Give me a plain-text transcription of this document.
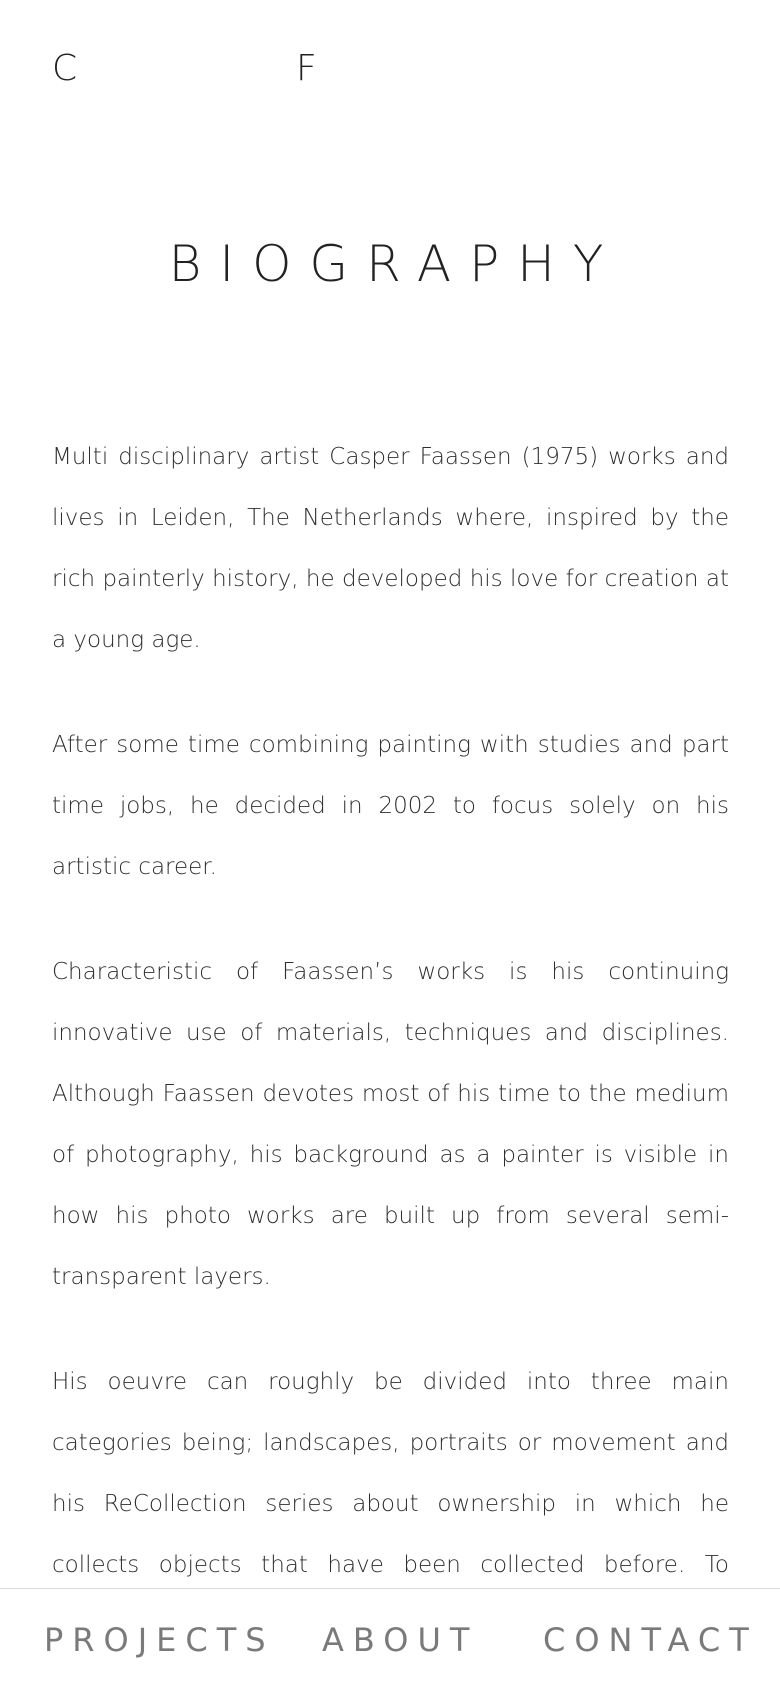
C	F
BIOGRAPHY

Multi disciplinary artist Casper Faassen (1975) works and lives in Leiden, The Netherlands where, inspired by the rich painterly history, he developed his love for creation at a young age.

After some time combining painting with studies and part time jobs, he decided in 2002 to focus solely on his artistic career.

Characteristic of Faassen’s works is his continuing innovative use of materials, techniques and disciplines. Although Faassen devotes most of his time to the medium of photography, his background as a painter is visible in how his photo works are built up from several semi-transparent layers.

His oeuvre can roughly be divided into three main categories being; landscapes, portraits or movement and his ReCollection series about ownership in which he collects objects that have been collected before. To

PROJECTS ABOUT CONTACT
